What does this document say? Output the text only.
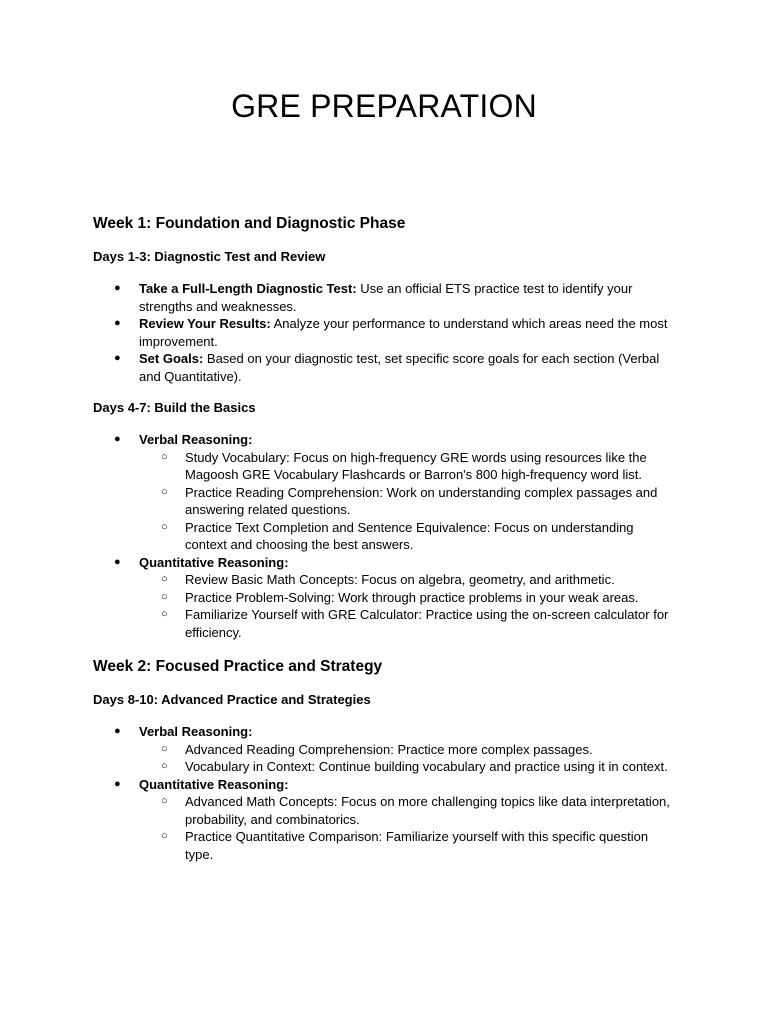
GRE PREPARATION
Week 1: Foundation and Diagnostic Phase
Days 1-3: Diagnostic Test and Review
● Take a Full-Length Diagnostic Test: Use an official ETS practice test to identify your strengths and weaknesses.
● Review Your Results: Analyze your performance to understand which areas need the most improvement.
● Set Goals: Based on your diagnostic test, set specific score goals for each section (Verbal and Quantitative).
Days 4-7: Build the Basics
● Verbal Reasoning:
○ Study Vocabulary: Focus on high-frequency GRE words using resources like the Magoosh GRE Vocabulary Flashcards or Barron's 800 high-frequency word list.
○ Practice Reading Comprehension: Work on understanding complex passages and answering related questions.
○ Practice Text Completion and Sentence Equivalence: Focus on understanding context and choosing the best answers.
● Quantitative Reasoning:
○ Review Basic Math Concepts: Focus on algebra, geometry, and arithmetic.
○ Practice Problem-Solving: Work through practice problems in your weak areas.
○ Familiarize Yourself with GRE Calculator: Practice using the on-screen calculator for efficiency.
Week 2: Focused Practice and Strategy
Days 8-10: Advanced Practice and Strategies
● Verbal Reasoning:
○ Advanced Reading Comprehension: Practice more complex passages.
○ Vocabulary in Context: Continue building vocabulary and practice using it in context.
● Quantitative Reasoning:
○ Advanced Math Concepts: Focus on more challenging topics like data interpretation, probability, and combinatorics.
○ Practice Quantitative Comparison: Familiarize yourself with this specific question type.
